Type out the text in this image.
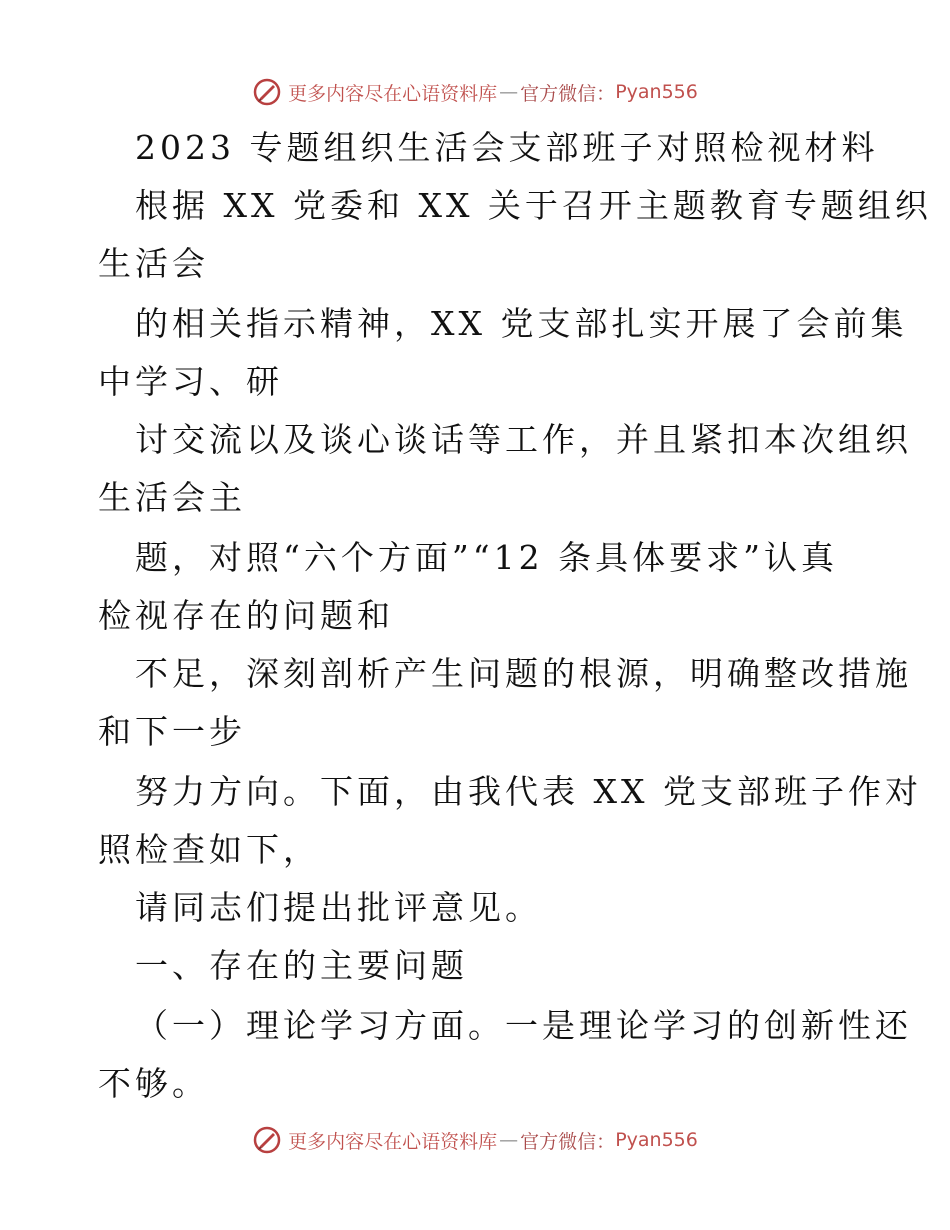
更多内容尽在心语资料库 — 官方微信： Pyan556
2023 专题组织生活会支部班子对照检视材料
根据 XX 党委和 XX 关于召开主题教育专题组织
生活会
的相关指示精神，XX 党支部扎实开展了会前集
中学习、研
讨交流以及谈心谈话等工作，并且紧扣本次组织
生活会主
题，对照“六个方面”“12 条具体要求”认真
检视存在的问题和
不足，深刻剖析产生问题的根源，明确整改措施
和下一步
努力方向。下面，由我代表 XX 党支部班子作对
照检查如下，
请同志们提出批评意见。
一、存在的主要问题
（一）理论学习方面。一是理论学习的创新性还
不够。
更多内容尽在心语资料库 — 官方微信： Pyan556
